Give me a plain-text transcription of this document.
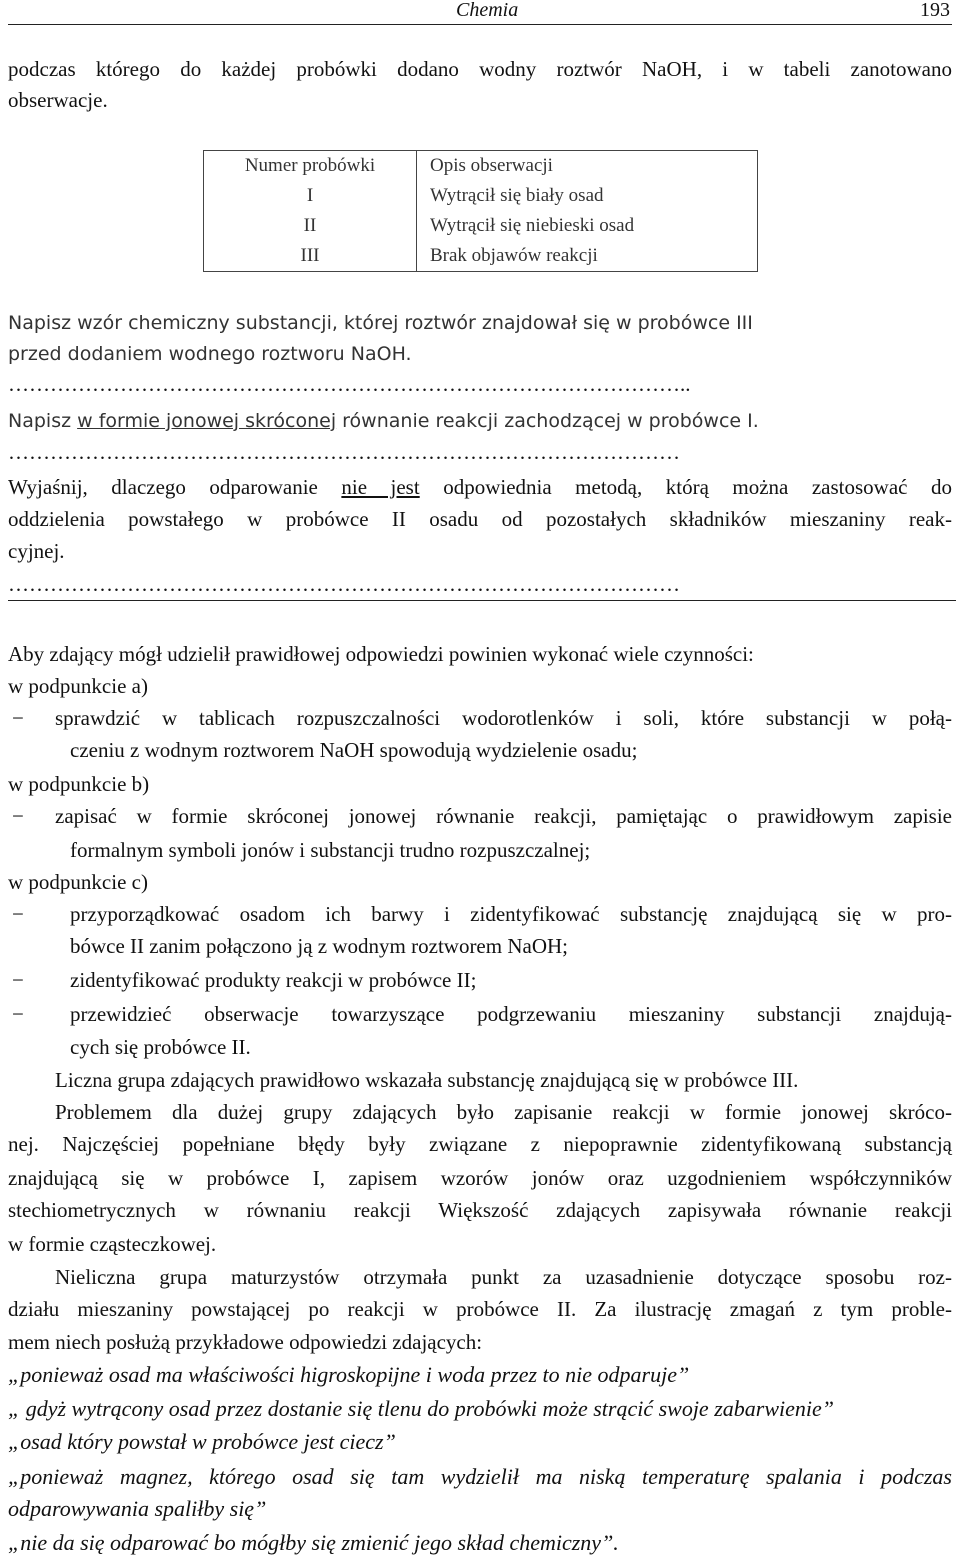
Chemia	193
podczas którego do każdej probówki dodano wodny roztwór NaOH, i w tabeli zanotowano
obserwacje.
Numer probówki	Opis obserwacji
I	Wytrącił się biały osad
II	Wytrącił się niebieski osad
III	Brak objawów reakcji
Napisz wzór chemiczny substancji, której roztwór znajdował się w probówce III
przed dodaniem wodnego roztworu NaOH.
……………………………………………………………………………………..
Napisz w formie jonowej skróconej równanie reakcji zachodzącej w probówce I.
……………………………………………………………………………………
Wyjaśnij, dlaczego odparowanie nie jest odpowiednia metodą, którą można zastosować do
oddzielenia powstałego w probówce II osadu od pozostałych składników mieszaniny reak-
cyjnej.
……………………………………………………………………………………
Aby zdający mógł udzielił prawidłowej odpowiedzi powinien wykonać wiele czynności:
w podpunkcie a)
− sprawdzić w tablicach rozpuszczalności wodorotlenków i soli, które substancji w połą-
czeniu z wodnym roztworem NaOH spowodują wydzielenie osadu;
w podpunkcie b)
− zapisać w formie skróconej jonowej równanie reakcji, pamiętając o prawidłowym zapisie
formalnym symboli jonów i substancji trudno rozpuszczalnej;
w podpunkcie c)
− przyporządkować osadom ich barwy i zidentyfikować substancję znajdującą się w pro-
bówce II zanim połączono ją z wodnym roztworem NaOH;
− zidentyfikować produkty reakcji w probówce II;
− przewidzieć obserwacje towarzyszące podgrzewaniu mieszaniny substancji znajdują-
cych się probówce II.
Liczna grupa zdających prawidłowo wskazała substancję znajdującą się w probówce III.
Problemem dla dużej grupy zdających było zapisanie reakcji w formie jonowej skróco-
nej. Najczęściej popełniane błędy były związane z niepoprawnie zidentyfikowaną substancją
znajdującą się w probówce I, zapisem wzorów jonów oraz uzgodnieniem współczynników
stechiometrycznych w równaniu reakcji Większość zdających zapisywała równanie reakcji
w formie cząsteczkowej.
Nieliczna grupa maturzystów otrzymała punkt za uzasadnienie dotyczące sposobu roz-
działu mieszaniny powstającej po reakcji w probówce II. Za ilustrację zmagań z tym proble-
mem niech posłużą przykładowe odpowiedzi zdających:
„ponieważ osad ma właściwości higroskopijne i woda przez to nie odparuje”
„ gdyż wytrącony osad przez dostanie się tlenu do probówki może strącić swoje zabarwienie”
„osad który powstał w probówce jest ciecz”
„ponieważ magnez, którego osad się tam wydzielił ma niską temperaturę spalania i podczas
odparowywania spaliłby się”
„nie da się odparować bo mógłby się zmienić jego skład chemiczny”.
